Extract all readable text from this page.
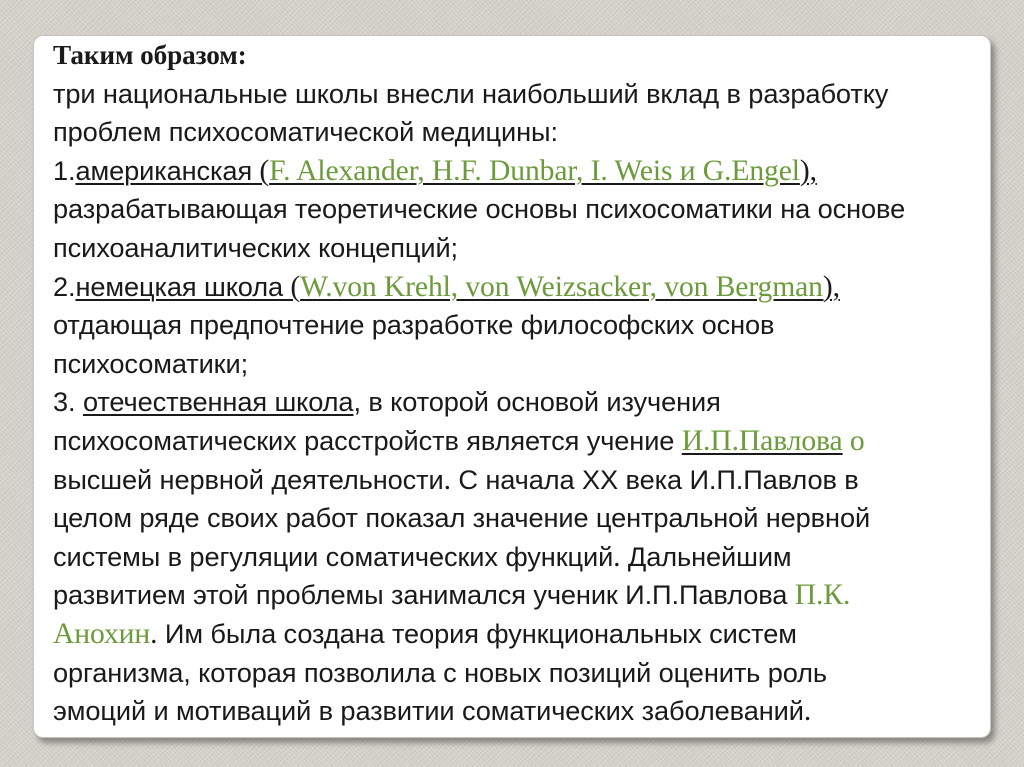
Таким образом:
три национальные школы внесли наибольший вклад в разработку
проблем психосоматической медицины:
1.американская (F. Alexander, H.F. Dunbar, I. Weis и G.Engel),
разрабатывающая теоретические основы психосоматики на основе
психоаналитических концепций;
2.немецкая школа (W.von Krehl, von Weizsacker, von Bergman),
отдающая предпочтение разработке философских основ
психосоматики;
3. отечественная школа, в которой основой изучения
психосоматических расстройств является учение И.П.Павлова о
высшей нервной деятельности. С начала XX века И.П.Павлов в
целом ряде своих работ показал значение центральной нервной
системы в регуляции соматических функций. Дальнейшим
развитием этой проблемы занимался ученик И.П.Павлова П.К.
Анохин. Им была создана теория функциональных систем
организма, которая позволила с новых позиций оценить роль
эмоций и мотиваций в развитии соматических заболеваний.
